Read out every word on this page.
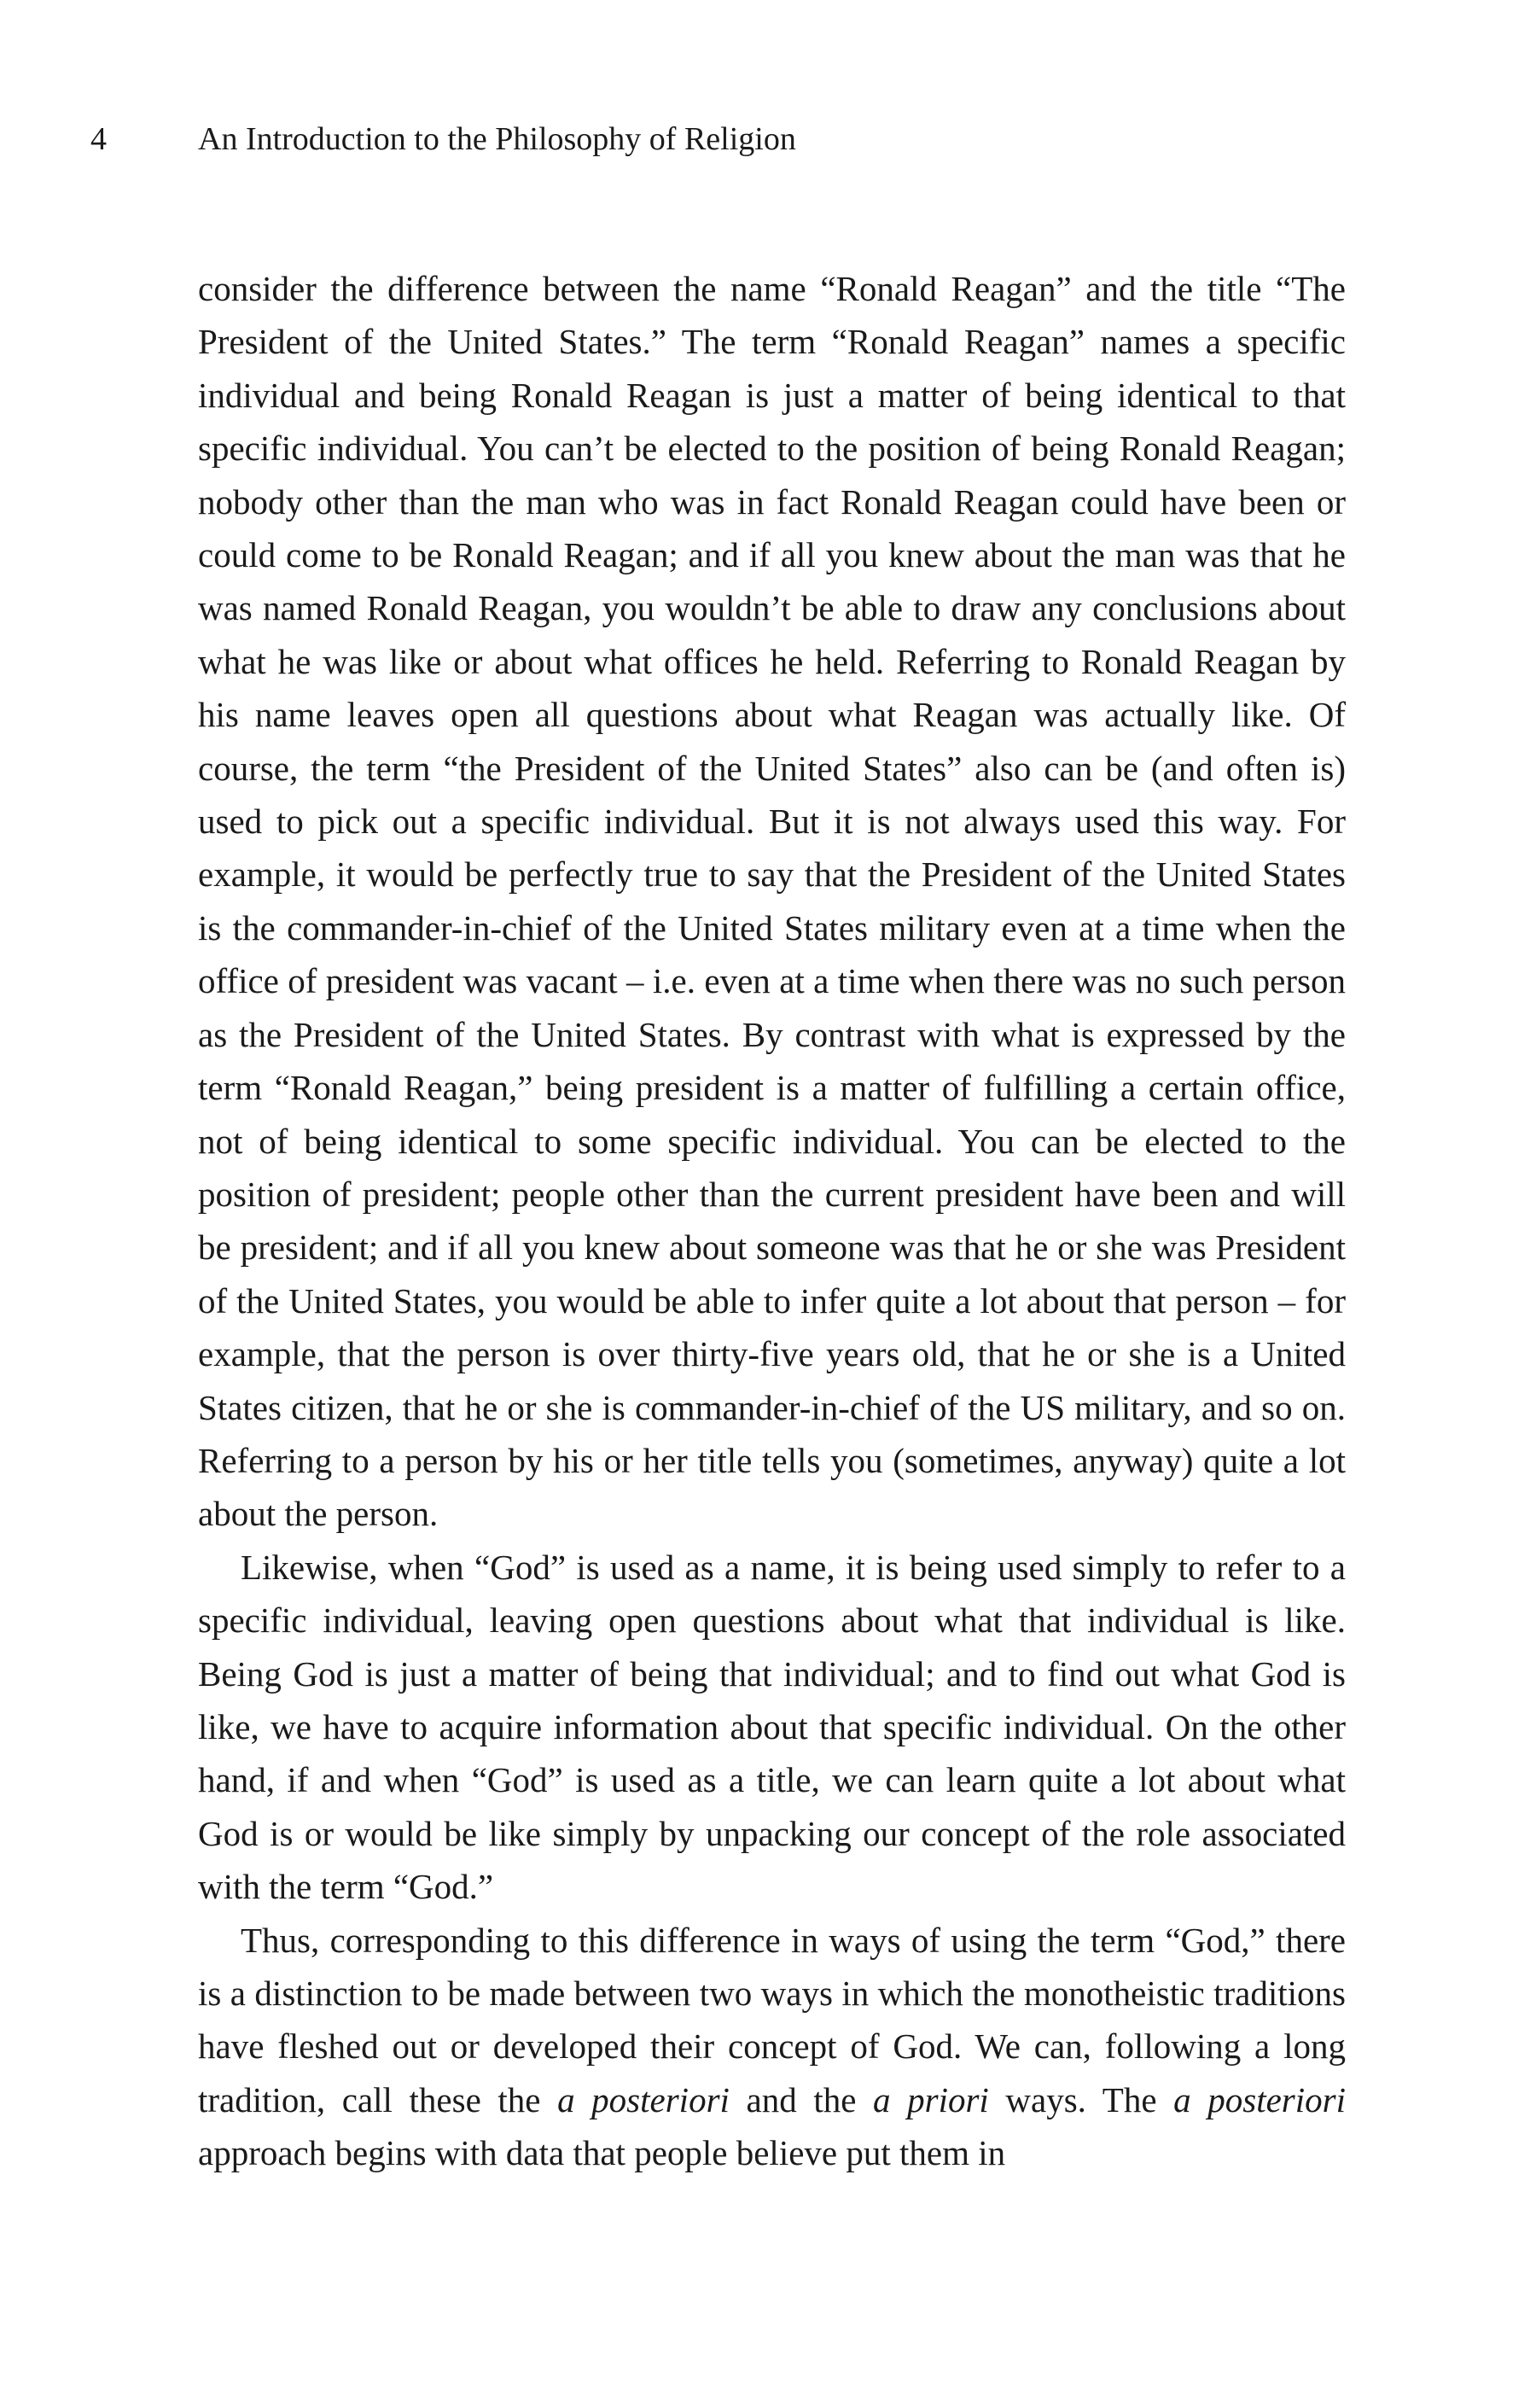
4	An Introduction to the Philosophy of Religion

consider the difference between the name “Ronald Reagan” and the title “The President of the United States.” The term “Ronald Reagan” names a specific individual and being Ronald Reagan is just a matter of being identical to that specific individual. You can’t be elected to the position of being Ronald Reagan; nobody other than the man who was in fact Ronald Reagan could have been or could come to be Ronald Reagan; and if all you knew about the man was that he was named Ronald Reagan, you wouldn’t be able to draw any conclusions about what he was like or about what offices he held. Referring to Ronald Reagan by his name leaves open all questions about what Reagan was actually like. Of course, the term “the President of the United States” also can be (and often is) used to pick out a specific individual. But it is not always used this way. For example, it would be perfectly true to say that the President of the United States is the commander-in-chief of the United States military even at a time when the office of president was vacant – i.e. even at a time when there was no such person as the President of the United States. By contrast with what is expressed by the term “Ronald Reagan,” being president is a matter of fulfilling a certain office, not of being identical to some specific individual. You can be elected to the position of president; people other than the current president have been and will be president; and if all you knew about someone was that he or she was President of the United States, you would be able to infer quite a lot about that person – for example, that the person is over thirty-five years old, that he or she is a United States citizen, that he or she is commander-in-chief of the US military, and so on. Referring to a person by his or her title tells you (sometimes, anyway) quite a lot about the person.

Likewise, when “God” is used as a name, it is being used simply to refer to a specific individual, leaving open questions about what that individual is like. Being God is just a matter of being that individual; and to find out what God is like, we have to acquire information about that specific individual. On the other hand, if and when “God” is used as a title, we can learn quite a lot about what God is or would be like simply by unpacking our concept of the role associated with the term “God.”

Thus, corresponding to this difference in ways of using the term “God,” there is a distinction to be made between two ways in which the monotheistic traditions have fleshed out or developed their concept of God. We can, following a long tradition, call these the a posteriori and the a priori ways. The a posteriori approach begins with data that people believe put them in
